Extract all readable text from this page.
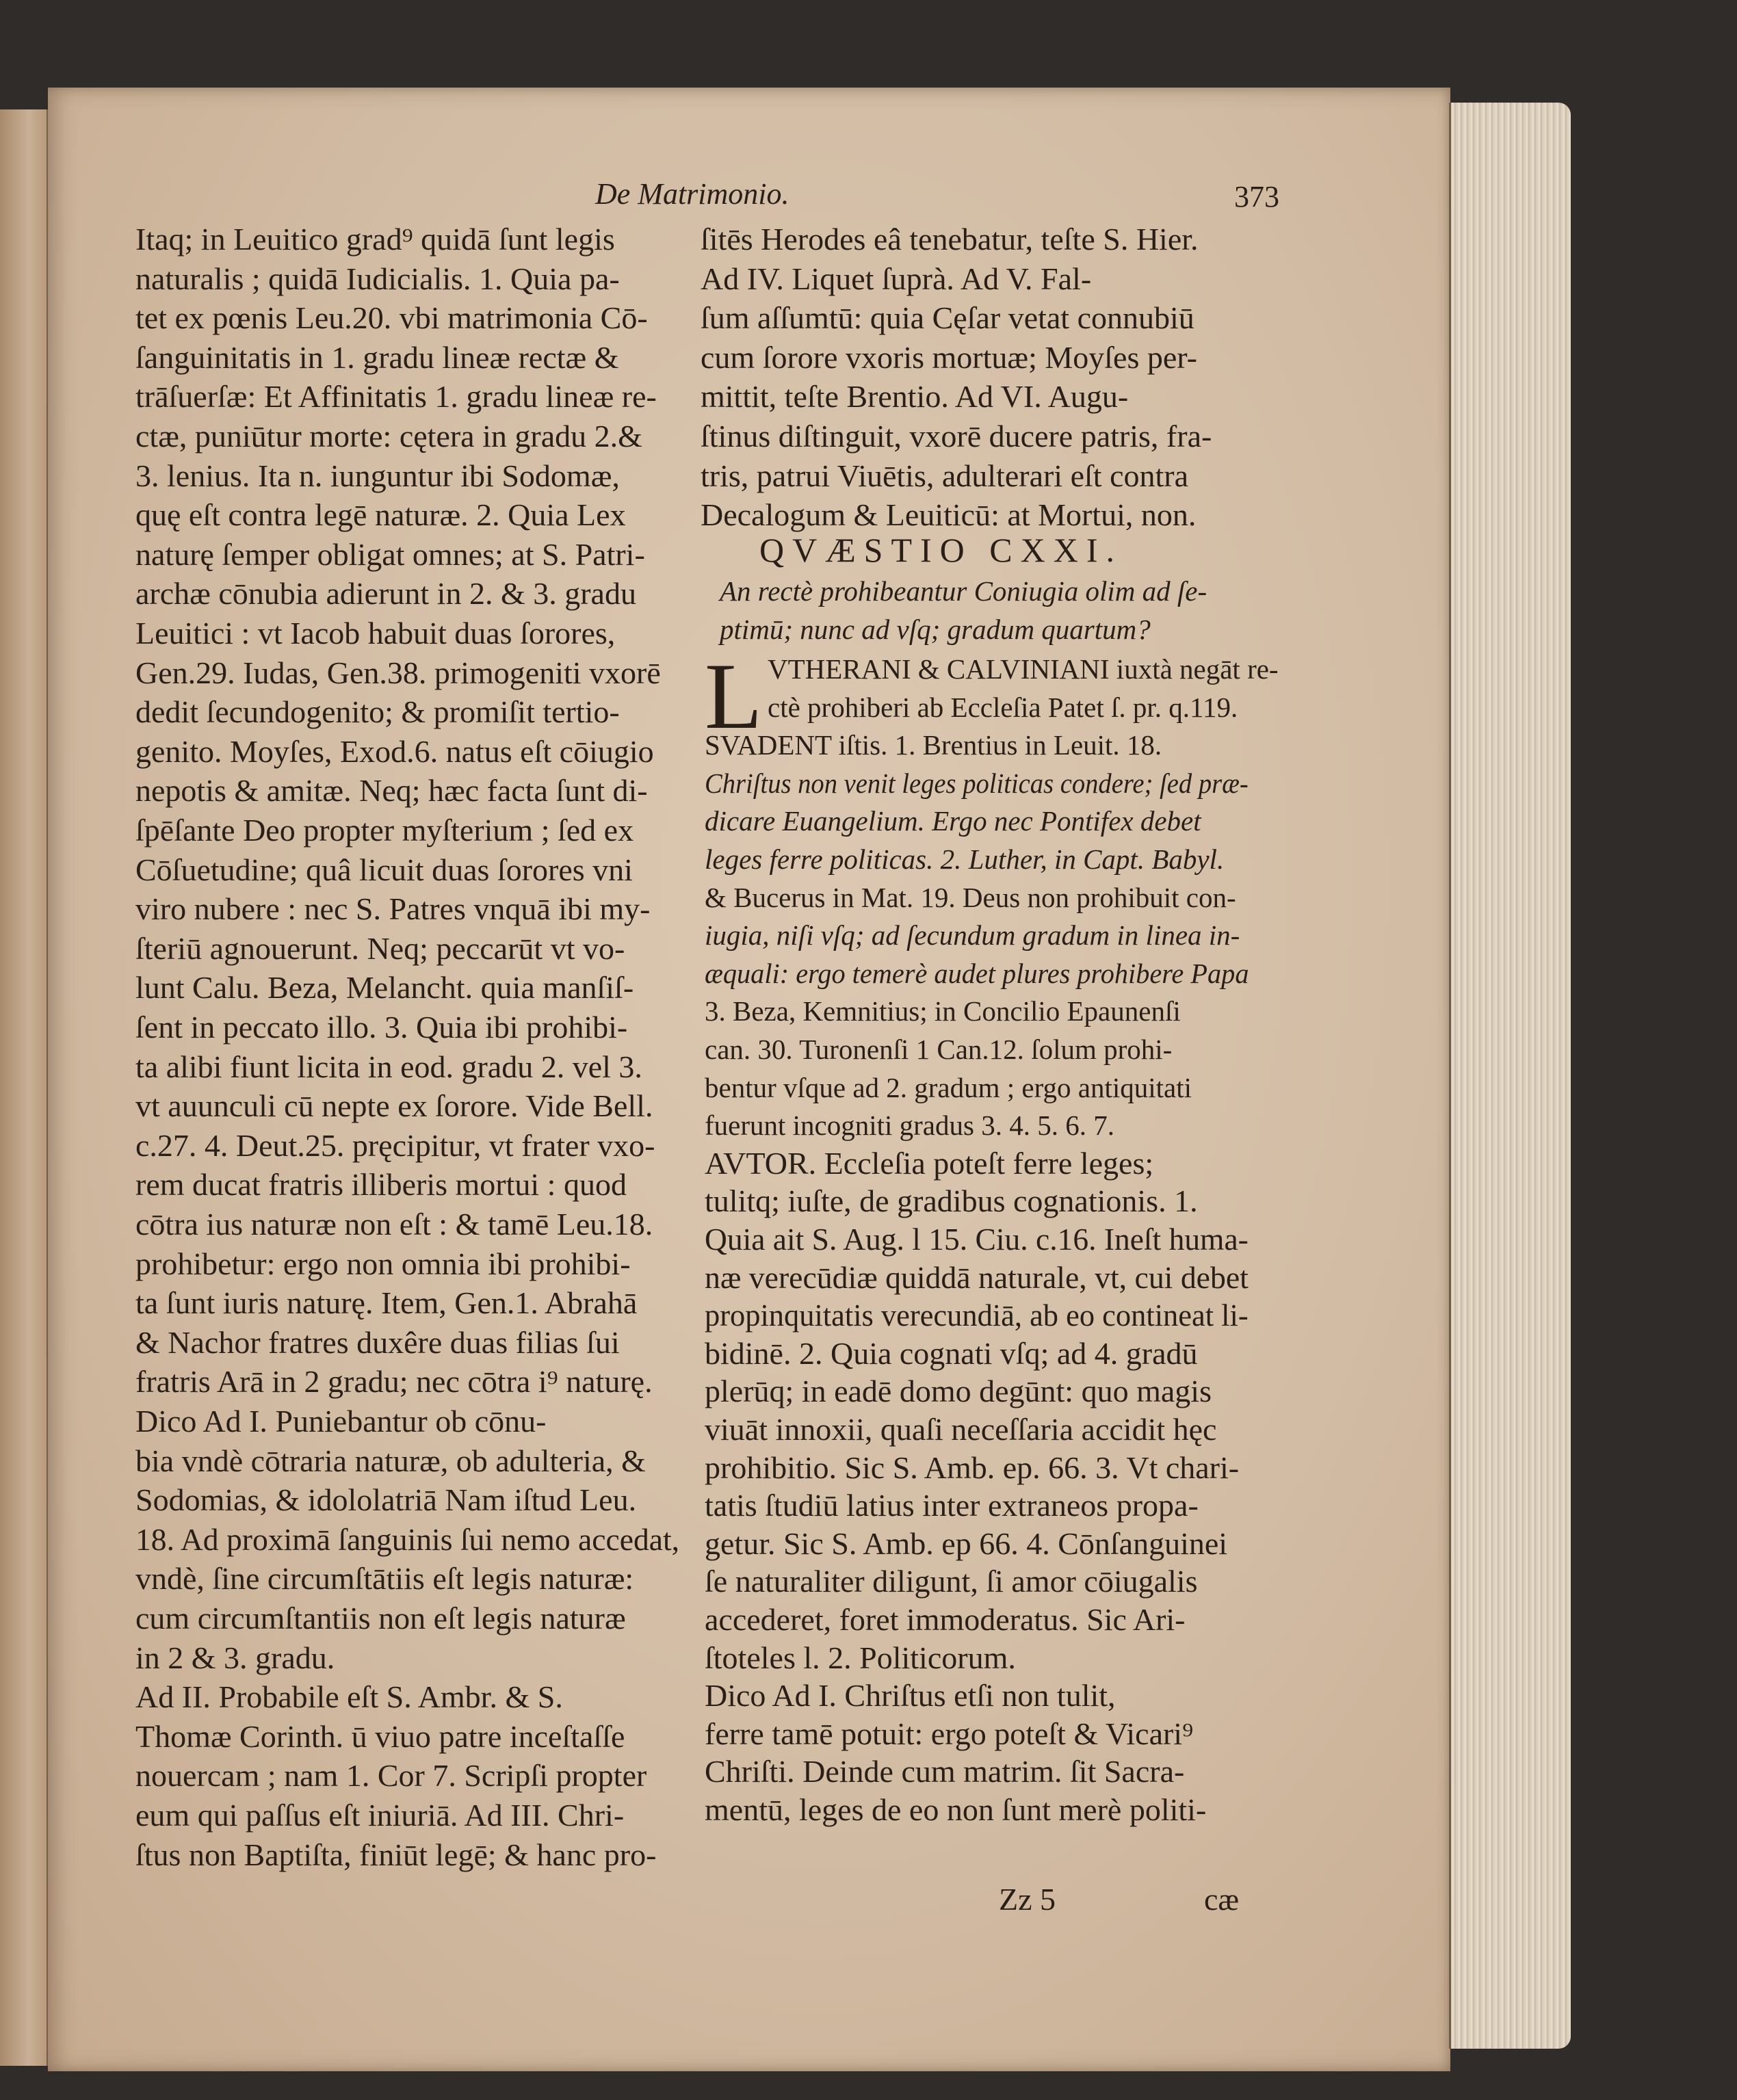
De Matrimonio.	373
Itaq; in Leuitico grad⁹ quidā ſunt legis
naturalis ; quidā Iudicialis. 1. Quia pa-
tet ex pœnis Leu.20. vbi matrimonia Cō-
ſanguinitatis in 1. gradu lineæ rectæ &
trāſuerſæ: Et Affinitatis 1. gradu lineæ re-
ctæ, puniūtur morte: cętera in gradu 2.&
3. lenius. Ita n. iunguntur ibi Sodomæ,
quę eſt contra legē naturæ. 2. Quia Lex
naturę ſemper obligat omnes; at S. Patri-
archæ cōnubia adierunt in 2. & 3. gradu
Leuitici : vt Iacob habuit duas ſorores,
Gen.29. Iudas, Gen.38. primogeniti vxorē
dedit ſecundogenito; & promiſit tertio-
genito. Moyſes, Exod.6. natus eſt cōiugio
nepotis & amitæ. Neq; hæc facta ſunt di-
ſpēſante Deo propter myſterium ; ſed ex
Cōſuetudine; quâ licuit duas ſorores vni
viro nubere : nec S. Patres vnquā ibi my-
ſteriū agnouerunt. Neq; peccarūt vt vo-
lunt Calu. Beza, Melancht. quia manſiſ-
ſent in peccato illo. 3. Quia ibi prohibi-
ta alibi fiunt licita in eod. gradu 2. vel 3.
vt auunculi cū nepte ex ſorore. Vide Bell.
c.27. 4. Deut.25. pręcipitur, vt frater vxo-
rem ducat fratris illiberis mortui : quod
cōtra ius naturæ non eſt : & tamē Leu.18.
prohibetur: ergo non omnia ibi prohibi-
ta ſunt iuris naturę. Item, Gen.1. Abrahā
& Nachor fratres duxêre duas filias ſui
fratris Arā in 2 gradu; nec cōtra i⁹ naturę.
Dico Ad I. Puniebantur ob cōnu-
bia vndè cōtraria naturæ, ob adulteria, &
Sodomias, & idololatriā Nam iſtud Leu.
18. Ad proximā ſanguinis ſui nemo accedat,
vndè, ſine circumſtātiis eſt legis naturæ:
cum circumſtantiis non eſt legis naturæ
in 2 & 3. gradu.
Ad II. Probabile eſt S. Ambr. & S.
Thomæ Corinth. ū viuo patre inceſtaſſe
nouercam ; nam 1. Cor 7. Scripſi propter
eum qui paſſus eſt iniuriā. Ad III. Chri-
ſtus non Baptiſta, finiūt legē; & hanc pro-
ſitēs Herodes eâ tenebatur, teſte S. Hier.
Ad IV. Liquet ſuprà. Ad V. Fal-
ſum aſſumtū: quia Cęſar vetat connubiū
cum ſorore vxoris mortuæ; Moyſes per-
mittit, teſte Brentio. Ad VI. Augu-
ſtinus diſtinguit, vxorē ducere patris, fra-
tris, patrui Viuētis, adulterari eſt contra
Decalogum & Leuiticū: at Mortui, non.
QVÆSTIO CXXI.
An rectè prohibeantur Coniugia olim ad ſe-
ptimū; nunc ad vſq; gradum quartum?
L VTHERANI & CALVINIANI iuxtà negāt re-
ctè prohiberi ab Eccleſia Patet ſ. pr. q.119.
SVADENT iſtis. 1. Brentius in Leuit. 18.
Chriſtus non venit leges politicas condere; ſed præ-
dicare Euangelium. Ergo nec Pontifex debet
leges ferre politicas. 2. Luther, in Capt. Babyl.
& Bucerus in Mat. 19. Deus non prohibuit con-
iugia, niſi vſq; ad ſecundum gradum in linea in-
æquali: ergo temerè audet plures prohibere Papa
3. Beza, Kemnitius; in Concilio Epaunenſi
can. 30. Turonenſi 1 Can.12. ſolum prohi-
bentur vſque ad 2. gradum ; ergo antiquitati
fuerunt incogniti gradus 3. 4. 5. 6. 7.
AVTOR. Eccleſia poteſt ferre leges;
tulitq; iuſte, de gradibus cognationis. 1.
Quia ait S. Aug. l 15. Ciu. c.16. Ineſt huma-
næ verecūdiæ quiddā naturale, vt, cui debet
propinquitatis verecundiā, ab eo contineat li-
bidinē. 2. Quia cognati vſq; ad 4. gradū
plerūq; in eadē domo degūnt: quo magis
viuāt innoxii, quaſi neceſſaria accidit hęc
prohibitio. Sic S. Amb. ep. 66. 3. Vt chari-
tatis ſtudiū latius inter extraneos propa-
getur. Sic S. Amb. ep 66. 4. Cōnſanguinei
ſe naturaliter diligunt, ſi amor cōiugalis
accederet, foret immoderatus. Sic Ari-
ſtoteles l. 2. Politicorum.
Dico Ad I. Chriſtus etſi non tulit,
ferre tamē potuit: ergo poteſt & Vicari⁹
Chriſti. Deinde cum matrim. ſit Sacra-
mentū, leges de eo non ſunt merè politi-
Zz 5	cæ
